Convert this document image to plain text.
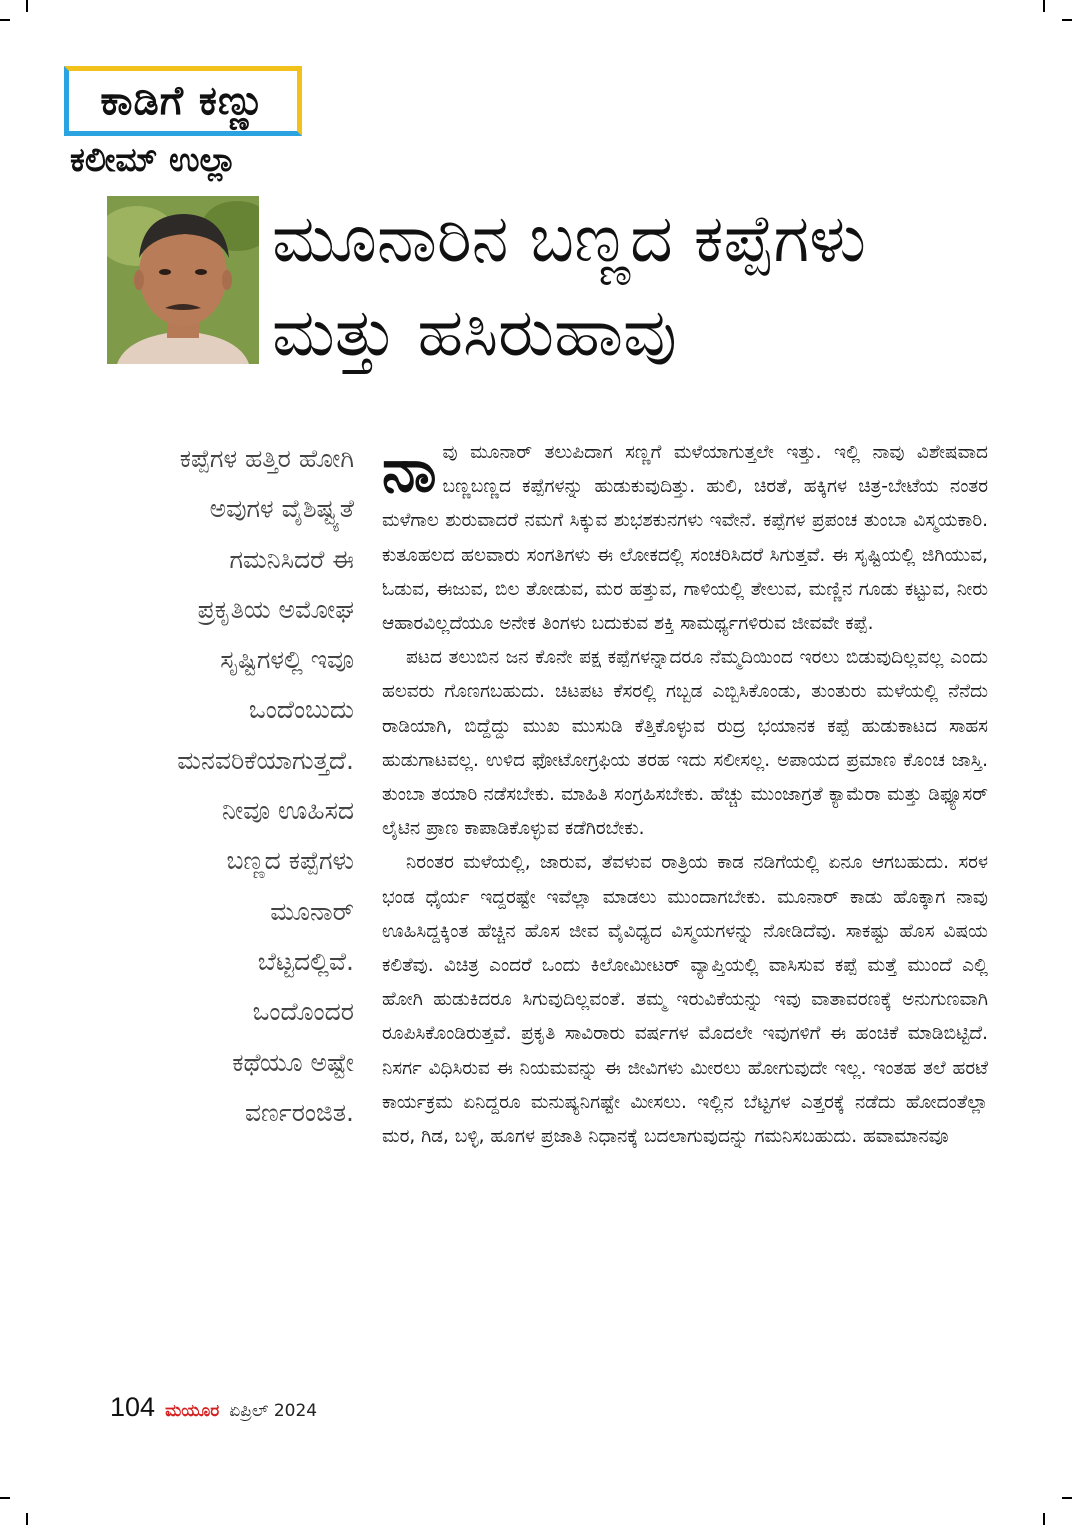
ಕಾಡಿಗೆ ಕಣ್ಣು
ಕಲೀಮ್ ಉಲ್ಲಾ
ಮೂನಾರಿನ ಬಣ್ಣದ ಕಪ್ಪೆಗಳು
ಮತ್ತು ಹಸಿರುಹಾವು
ಕಪ್ಪೆಗಳ ಹತ್ತಿರ ಹೋಗಿ
ಅವುಗಳ ವೈಶಿಷ್ಟ್ಯತೆ
ಗಮನಿಸಿದರೆ ಈ
ಪ್ರಕೃತಿಯ ಅಮೋಘ
ಸೃಷ್ಟಿಗಳಲ್ಲಿ ಇವೂ
ಒಂದೆಂಬುದು
ಮನವರಿಕೆಯಾಗುತ್ತದೆ.
ನೀವೂ ಊಹಿಸದ
ಬಣ್ಣದ ಕಪ್ಪೆಗಳು
ಮೂನಾರ್
ಬೆಟ್ಟದಲ್ಲಿವೆ.
ಒಂದೊಂದರ
ಕಥೆಯೂ ಅಷ್ಟೇ
ವರ್ಣರಂಜಿತ.

ನಾವು ಮೂನಾರ್ ತಲುಪಿದಾಗ ಸಣ್ಣಗೆ ಮಳೆಯಾಗುತ್ತಲೇ ಇತ್ತು. ಇಲ್ಲಿ ನಾವು ವಿಶೇಷವಾದ ಬಣ್ಣಬಣ್ಣದ ಕಪ್ಪೆಗಳನ್ನು ಹುಡುಕುವುದಿತ್ತು. ಹುಲಿ, ಚಿರತೆ, ಹಕ್ಕಿಗಳ ಚಿತ್ರ-ಬೇಟೆಯ ನಂತರ ಮಳೆಗಾಲ ಶುರುವಾದರೆ ನಮಗೆ ಸಿಕ್ಕುವ ಶುಭಶಕುನಗಳು ಇವೇನೆ. ಕಪ್ಪೆಗಳ ಪ್ರಪಂಚ ತುಂಬಾ ವಿಸ್ಮಯಕಾರಿ. ಕುತೂಹಲದ ಹಲವಾರು ಸಂಗತಿಗಳು ಈ ಲೋಕದಲ್ಲಿ ಸಂಚರಿಸಿದರೆ ಸಿಗುತ್ತವೆ. ಈ ಸೃಷ್ಟಿಯಲ್ಲಿ ಜಿಗಿಯುವ, ಓಡುವ, ಈಜುವ, ಬಿಲ ತೋಡುವ, ಮರ ಹತ್ತುವ, ಗಾಳಿಯಲ್ಲಿ ತೇಲುವ, ಮಣ್ಣಿನ ಗೂಡು ಕಟ್ಟುವ, ನೀರು ಆಹಾರವಿಲ್ಲದೆಯೂ ಅನೇಕ ತಿಂಗಳು ಬದುಕುವ ಶಕ್ತಿ ಸಾಮರ್ಥ್ಯಗಳಿರುವ ಜೀವವೇ ಕಪ್ಪೆ.

ಪಟದ ತಲುಬಿನ ಜನ ಕೊನೇ ಪಕ್ಷ ಕಪ್ಪೆಗಳನ್ನಾದರೂ ನೆಮ್ಮದಿಯಿಂದ ಇರಲು ಬಿಡುವುದಿಲ್ಲವಲ್ಲ ಎಂದು ಹಲವರು ಗೊಣಗಬಹುದು. ಚಿಟಪಟ ಕೆಸರಲ್ಲಿ ಗಬ್ಬಡ ಎಬ್ಬಿಸಿಕೊಂಡು, ತುಂತುರು ಮಳೆಯಲ್ಲಿ ನೆನೆದು ರಾಡಿಯಾಗಿ, ಬಿದ್ದೆದ್ದು ಮುಖ ಮುಸುಡಿ ಕೆತ್ತಿಕೊಳ್ಳುವ ರುದ್ರ ಭಯಾನಕ ಕಪ್ಪೆ ಹುಡುಕಾಟದ ಸಾಹಸ ಹುಡುಗಾಟವಲ್ಲ. ಉಳಿದ ಫೋಟೋಗ್ರಫಿಯ ತರಹ ಇದು ಸಲೀಸಲ್ಲ. ಅಪಾಯದ ಪ್ರಮಾಣ ಕೊಂಚ ಜಾಸ್ತಿ. ತುಂಬಾ ತಯಾರಿ ನಡೆಸಬೇಕು. ಮಾಹಿತಿ ಸಂಗ್ರಹಿಸಬೇಕು. ಹೆಚ್ಚು ಮುಂಜಾಗ್ರತೆ ಕ್ಯಾಮೆರಾ ಮತ್ತು ಡಿಫ್ಯೂಸರ್ ಲೈಟಿನ ಪ್ರಾಣ ಕಾಪಾಡಿಕೊಳ್ಳುವ ಕಡೆಗಿರಬೇಕು.

ನಿರಂತರ ಮಳೆಯಲ್ಲಿ, ಜಾರುವ, ತೆವಳುವ ರಾತ್ರಿಯ ಕಾಡ ನಡಿಗೆಯಲ್ಲಿ ಏನೂ ಆಗಬಹುದು. ಸರಳ ಭಂಡ ಧೈರ್ಯ ಇದ್ದರಷ್ಟೇ ಇವೆಲ್ಲಾ ಮಾಡಲು ಮುಂದಾಗಬೇಕು. ಮೂನಾರ್ ಕಾಡು ಹೊಕ್ಕಾಗ ನಾವು ಊಹಿಸಿದ್ದಕ್ಕಿಂತ ಹೆಚ್ಚಿನ ಹೊಸ ಜೀವ ವೈವಿಧ್ಯದ ವಿಸ್ಮಯಗಳನ್ನು ನೋಡಿದೆವು. ಸಾಕಷ್ಟು ಹೊಸ ವಿಷಯ ಕಲಿತೆವು. ವಿಚಿತ್ರ ಎಂದರೆ ಒಂದು ಕಿಲೋಮೀಟರ್ ವ್ಯಾಪ್ತಿಯಲ್ಲಿ ವಾಸಿಸುವ ಕಪ್ಪೆ ಮತ್ತೆ ಮುಂದೆ ಎಲ್ಲಿ ಹೋಗಿ ಹುಡುಕಿದರೂ ಸಿಗುವುದಿಲ್ಲವಂತೆ. ತಮ್ಮ ಇರುವಿಕೆಯನ್ನು ಇವು ವಾತಾವರಣಕ್ಕೆ ಅನುಗುಣವಾಗಿ ರೂಪಿಸಿಕೊಂಡಿರುತ್ತವೆ. ಪ್ರಕೃತಿ ಸಾವಿರಾರು ವರ್ಷಗಳ ಮೊದಲೇ ಇವುಗಳಿಗೆ ಈ ಹಂಚಿಕೆ ಮಾಡಿಬಿಟ್ಟಿದೆ. ನಿಸರ್ಗ ವಿಧಿಸಿರುವ ಈ ನಿಯಮವನ್ನು ಈ ಜೀವಿಗಳು ಮೀರಲು ಹೋಗುವುದೇ ಇಲ್ಲ. ಇಂತಹ ತಲೆ ಹರಟೆ ಕಾರ್ಯಕ್ರಮ ಏನಿದ್ದರೂ ಮನುಷ್ಯನಿಗಷ್ಟೇ ಮೀಸಲು. ಇಲ್ಲಿನ ಬೆಟ್ಟಗಳ ಎತ್ತರಕ್ಕೆ ನಡೆದು ಹೋದಂತೆಲ್ಲಾ ಮರ, ಗಿಡ, ಬಳ್ಳಿ, ಹೂಗಳ ಪ್ರಜಾತಿ ನಿಧಾನಕ್ಕೆ ಬದಲಾಗುವುದನ್ನು ಗಮನಿಸಬಹುದು. ಹವಾಮಾನವೂ

104 ಮಯೂರ ಏಪ್ರಿಲ್ 2024
